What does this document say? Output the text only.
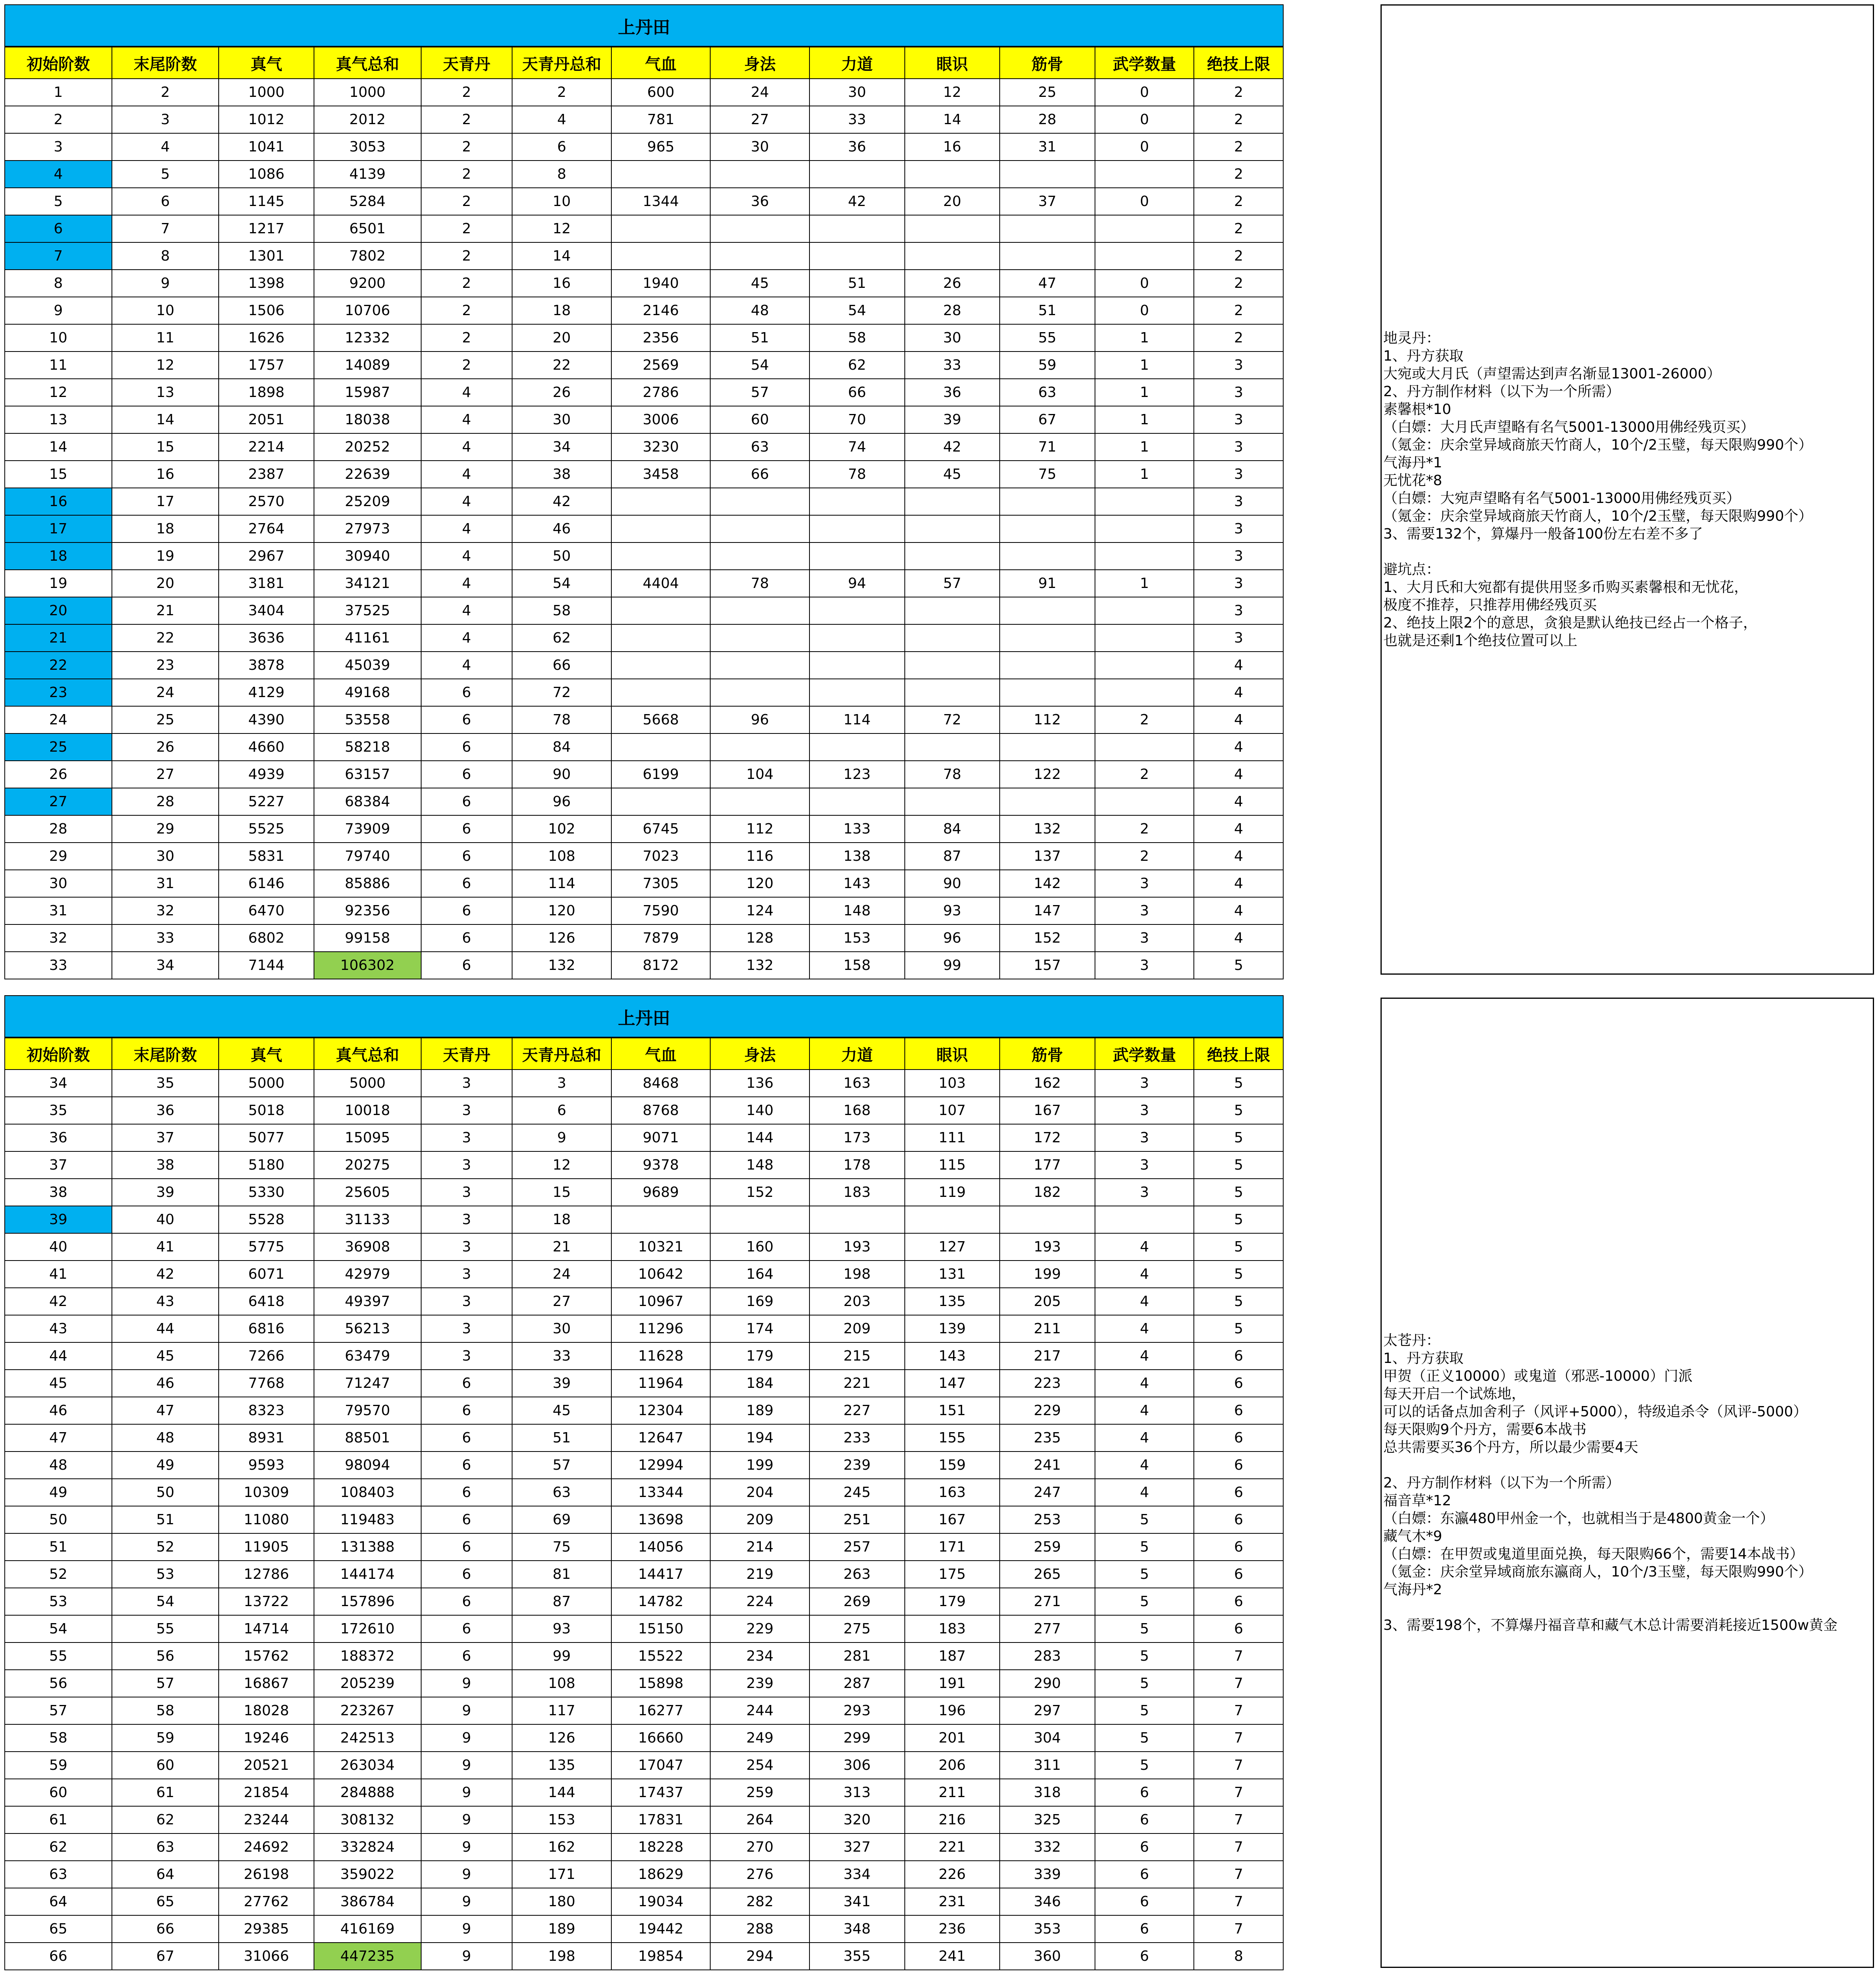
上丹田
初始阶数	末尾阶数	真气	真气总和	天青丹	天青丹总和	气血	身法	力道	眼识	筋骨	武学数量	绝技上限
1	2	1000	1000	2	2	600	24	30	12	25	0	2
2	3	1012	2012	2	4	781	27	33	14	28	0	2
3	4	1041	3053	2	6	965	30	36	16	31	0	2
4	5	1086	4139	2	8							2
5	6	1145	5284	2	10	1344	36	42	20	37	0	2
6	7	1217	6501	2	12							2
7	8	1301	7802	2	14							2
8	9	1398	9200	2	16	1940	45	51	26	47	0	2
9	10	1506	10706	2	18	2146	48	54	28	51	0	2
10	11	1626	12332	2	20	2356	51	58	30	55	1	2
11	12	1757	14089	2	22	2569	54	62	33	59	1	3
12	13	1898	15987	4	26	2786	57	66	36	63	1	3
13	14	2051	18038	4	30	3006	60	70	39	67	1	3
14	15	2214	20252	4	34	3230	63	74	42	71	1	3
15	16	2387	22639	4	38	3458	66	78	45	75	1	3
16	17	2570	25209	4	42							3
17	18	2764	27973	4	46							3
18	19	2967	30940	4	50							3
19	20	3181	34121	4	54	4404	78	94	57	91	1	3
20	21	3404	37525	4	58							3
21	22	3636	41161	4	62							3
22	23	3878	45039	4	66							4
23	24	4129	49168	6	72							4
24	25	4390	53558	6	78	5668	96	114	72	112	2	4
25	26	4660	58218	6	84							4
26	27	4939	63157	6	90	6199	104	123	78	122	2	4
27	28	5227	68384	6	96							4
28	29	5525	73909	6	102	6745	112	133	84	132	2	4
29	30	5831	79740	6	108	7023	116	138	87	137	2	4
30	31	6146	85886	6	114	7305	120	143	90	142	3	4
31	32	6470	92356	6	120	7590	124	148	93	147	3	4
32	33	6802	99158	6	126	7879	128	153	96	152	3	4
33	34	7144	106302	6	132	8172	132	158	99	157	3	5
地灵丹：
1、丹方获取
大宛或大月氏（声望需达到声名渐显13001-26000）
2、丹方制作材料（以下为一个所需）
素馨根*10
（白嫖：大月氏声望略有名气5001-13000用佛经残页买）
（氪金：庆余堂异域商旅天竹商人，10个/2玉璧，每天限购990个）
气海丹*1
无忧花*8
（白嫖：大宛声望略有名气5001-13000用佛经残页买）
（氪金：庆余堂异域商旅天竹商人，10个/2玉璧，每天限购990个）
3、需要132个，算爆丹一般备100份左右差不多了

避坑点：
1、大月氏和大宛都有提供用竖多币购买素馨根和无忧花，
极度不推荐，只推荐用佛经残页买
2、绝技上限2个的意思，贪狼是默认绝技已经占一个格子，
也就是还剩1个绝技位置可以上
上丹田
初始阶数	末尾阶数	真气	真气总和	天青丹	天青丹总和	气血	身法	力道	眼识	筋骨	武学数量	绝技上限
34	35	5000	5000	3	3	8468	136	163	103	162	3	5
35	36	5018	10018	3	6	8768	140	168	107	167	3	5
36	37	5077	15095	3	9	9071	144	173	111	172	3	5
37	38	5180	20275	3	12	9378	148	178	115	177	3	5
38	39	5330	25605	3	15	9689	152	183	119	182	3	5
39	40	5528	31133	3	18							5
40	41	5775	36908	3	21	10321	160	193	127	193	4	5
41	42	6071	42979	3	24	10642	164	198	131	199	4	5
42	43	6418	49397	3	27	10967	169	203	135	205	4	5
43	44	6816	56213	3	30	11296	174	209	139	211	4	5
44	45	7266	63479	3	33	11628	179	215	143	217	4	6
45	46	7768	71247	6	39	11964	184	221	147	223	4	6
46	47	8323	79570	6	45	12304	189	227	151	229	4	6
47	48	8931	88501	6	51	12647	194	233	155	235	4	6
48	49	9593	98094	6	57	12994	199	239	159	241	4	6
49	50	10309	108403	6	63	13344	204	245	163	247	4	6
50	51	11080	119483	6	69	13698	209	251	167	253	5	6
51	52	11905	131388	6	75	14056	214	257	171	259	5	6
52	53	12786	144174	6	81	14417	219	263	175	265	5	6
53	54	13722	157896	6	87	14782	224	269	179	271	5	6
54	55	14714	172610	6	93	15150	229	275	183	277	5	6
55	56	15762	188372	6	99	15522	234	281	187	283	5	7
56	57	16867	205239	9	108	15898	239	287	191	290	5	7
57	58	18028	223267	9	117	16277	244	293	196	297	5	7
58	59	19246	242513	9	126	16660	249	299	201	304	5	7
59	60	20521	263034	9	135	17047	254	306	206	311	5	7
60	61	21854	284888	9	144	17437	259	313	211	318	6	7
61	62	23244	308132	9	153	17831	264	320	216	325	6	7
62	63	24692	332824	9	162	18228	270	327	221	332	6	7
63	64	26198	359022	9	171	18629	276	334	226	339	6	7
64	65	27762	386784	9	180	19034	282	341	231	346	6	7
65	66	29385	416169	9	189	19442	288	348	236	353	6	7
66	67	31066	447235	9	198	19854	294	355	241	360	6	8
太苍丹：
1、丹方获取
甲贺（正义10000）或鬼道（邪恶-10000）门派
每天开启一个试炼地，
可以的话备点加舍利子（风评+5000），特级追杀令（风评-5000）
每天限购9个丹方，需要6本战书
总共需要买36个丹方，所以最少需要4天

2、丹方制作材料（以下为一个所需）
福音草*12
（白嫖：东瀛480甲州金一个，也就相当于是4800黄金一个）
藏气木*9
（白嫖：在甲贺或鬼道里面兑换，每天限购66个，需要14本战书）
（氪金：庆余堂异域商旅东瀛商人，10个/3玉璧，每天限购990个）
气海丹*2

3、需要198个，不算爆丹福音草和藏气木总计需要消耗接近1500w黄金
